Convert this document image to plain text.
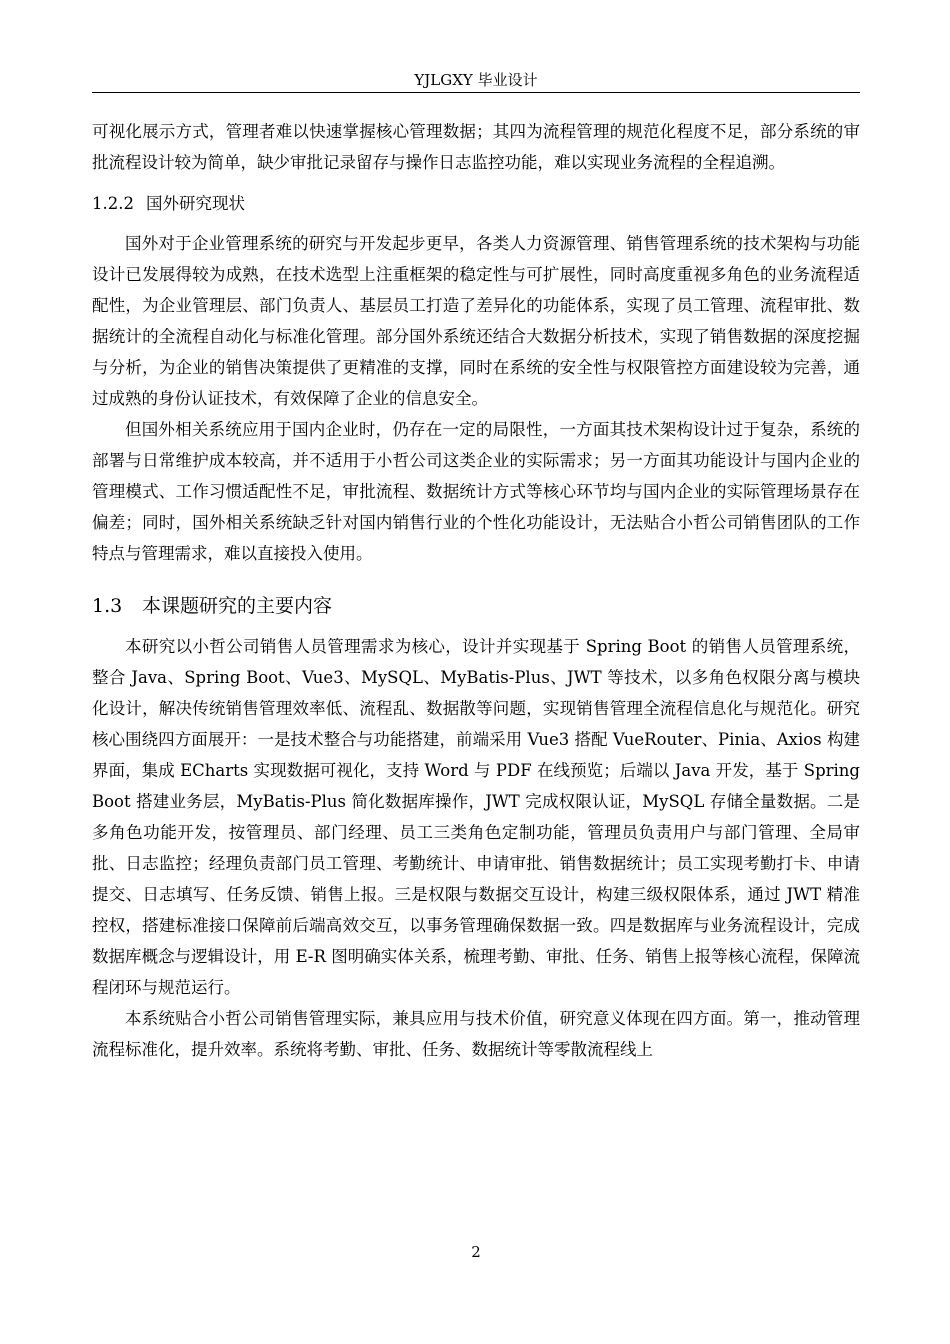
YJLGXY 毕业设计

可视化展示方式，管理者难以快速掌握核心管理数据；其四为流程管理的规范化程度不足，部分系统的审批流程设计较为简单，缺少审批记录留存与操作日志监控功能，难以实现业务流程的全程追溯。

1.2.2 国外研究现状

国外对于企业管理系统的研究与开发起步更早，各类人力资源管理、销售管理系统的技术架构与功能设计已发展得较为成熟，在技术选型上注重框架的稳定性与可扩展性，同时高度重视多角色的业务流程适配性，为企业管理层、部门负责人、基层员工打造了差异化的功能体系，实现了员工管理、流程审批、数据统计的全流程自动化与标准化管理。部分国外系统还结合大数据分析技术，实现了销售数据的深度挖掘与分析，为企业的销售决策提供了更精准的支撑，同时在系统的安全性与权限管控方面建设较为完善，通过成熟的身份认证技术，有效保障了企业的信息安全。

但国外相关系统应用于国内企业时，仍存在一定的局限性，一方面其技术架构设计过于复杂，系统的部署与日常维护成本较高，并不适用于小哲公司这类企业的实际需求；另一方面其功能设计与国内企业的管理模式、工作习惯适配性不足，审批流程、数据统计方式等核心环节均与国内企业的实际管理场景存在偏差；同时，国外相关系统缺乏针对国内销售行业的个性化功能设计，无法贴合小哲公司销售团队的工作特点与管理需求，难以直接投入使用。

1.3 本课题研究的主要内容

本研究以小哲公司销售人员管理需求为核心，设计并实现基于 Spring Boot 的销售人员管理系统，整合 Java、Spring Boot、Vue3、MySQL、MyBatis-Plus、JWT 等技术，以多角色权限分离与模块化设计，解决传统销售管理效率低、流程乱、数据散等问题，实现销售管理全流程信息化与规范化。研究核心围绕四方面展开：一是技术整合与功能搭建，前端采用 Vue3 搭配 VueRouter、Pinia、Axios 构建界面，集成 ECharts 实现数据可视化，支持 Word 与 PDF 在线预览；后端以 Java 开发，基于 Spring Boot 搭建业务层，MyBatis-Plus 简化数据库操作，JWT 完成权限认证，MySQL 存储全量数据。二是多角色功能开发，按管理员、部门经理、员工三类角色定制功能，管理员负责用户与部门管理、全局审批、日志监控；经理负责部门员工管理、考勤统计、申请审批、销售数据统计；员工实现考勤打卡、申请提交、日志填写、任务反馈、销售上报。三是权限与数据交互设计，构建三级权限体系，通过 JWT 精准控权，搭建标准接口保障前后端高效交互，以事务管理确保数据一致。四是数据库与业务流程设计，完成数据库概念与逻辑设计，用 E-R 图明确实体关系，梳理考勤、审批、任务、销售上报等核心流程，保障流程闭环与规范运行。

本系统贴合小哲公司销售管理实际，兼具应用与技术价值，研究意义体现在四方面。第一，推动管理流程标准化，提升效率。系统将考勤、审批、任务、数据统计等零散流程线上

2
